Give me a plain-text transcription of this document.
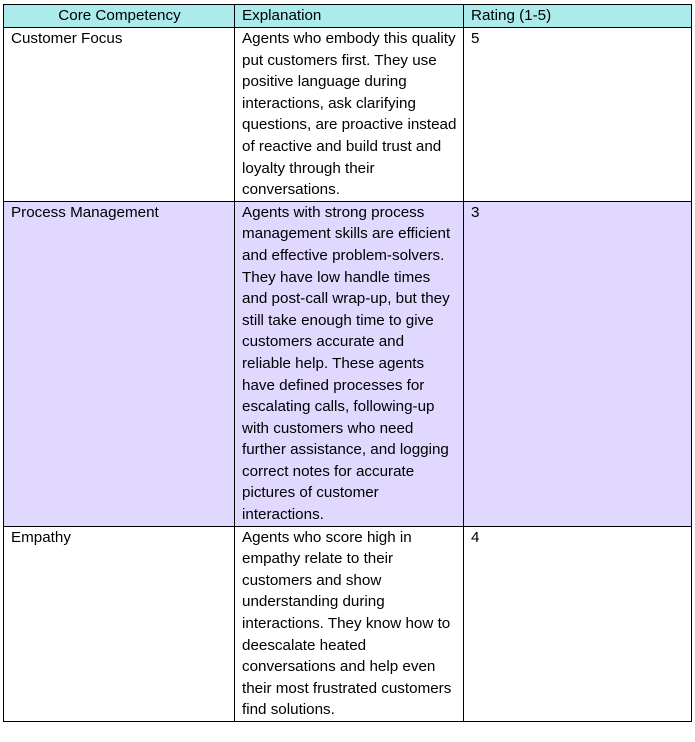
Core Competency	Explanation	Rating (1-5)
Customer Focus	Agents who embody this quality put customers first. They use positive language during interactions, ask clarifying questions, are proactive instead of reactive and build trust and loyalty through their conversations.	5
Process Management	Agents with strong process management skills are efficient and effective problem-solvers. They have low handle times and post-call wrap-up, but they still take enough time to give customers accurate and reliable help. These agents have defined processes for escalating calls, following-up with customers who need further assistance, and logging correct notes for accurate pictures of customer interactions.	3
Empathy	Agents who score high in empathy relate to their customers and show understanding during interactions. They know how to deescalate heated conversations and help even their most frustrated customers find solutions.	4
